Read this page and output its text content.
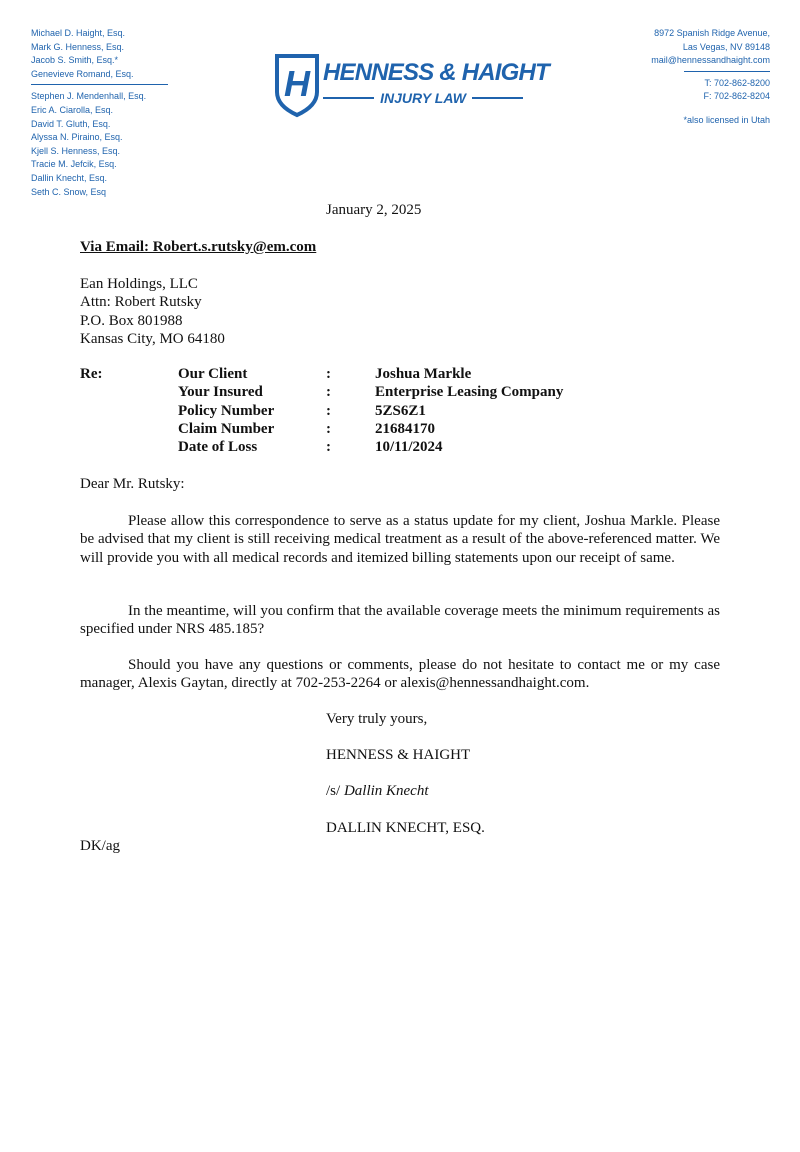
Michael D. Haight, Esq.
Mark G. Henness, Esq.
Jacob S. Smith, Esq.*
Genevieve Romand, Esq.
Stephen J. Mendenhall, Esq.
Eric A. Ciarolla, Esq.
David T. Gluth, Esq.
Alyssa N. Piraino, Esq.
Kjell S. Henness, Esq.
Tracie M. Jefcik, Esq.
Dallin Knecht, Esq.
Seth C. Snow, Esq
H HENNESS & HAIGHT
INJURY LAW
8972 Spanish Ridge Avenue,
Las Vegas, NV 89148
mail@hennessandhaight.com
T: 702-862-8200
F: 702-862-8204
*also licensed in Utah
January 2, 2025
Via Email: Robert.s.rutsky@em.com
Ean Holdings, LLC
Attn: Robert Rutsky
P.O. Box 801988
Kansas City, MO 64180
Re:	Our Client	:	Joshua Markle
Your Insured	:	Enterprise Leasing Company
Policy Number	:	5ZS6Z1
Claim Number	:	21684170
Date of Loss	:	10/11/2024
Dear Mr. Rutsky:
Please allow this correspondence to serve as a status update for my client, Joshua Markle. Please be advised that my client is still receiving medical treatment as a result of the above-referenced matter. We will provide you with all medical records and itemized billing statements upon our receipt of same.
In the meantime, will you confirm that the available coverage meets the minimum requirements as specified under NRS 485.185?
Should you have any questions or comments, please do not hesitate to contact me or my case manager, Alexis Gaytan, directly at 702-253-2264 or alexis@hennessandhaight.com.
Very truly yours,
HENNESS & HAIGHT
/s/ Dallin Knecht
DALLIN KNECHT, ESQ.
DK/ag
